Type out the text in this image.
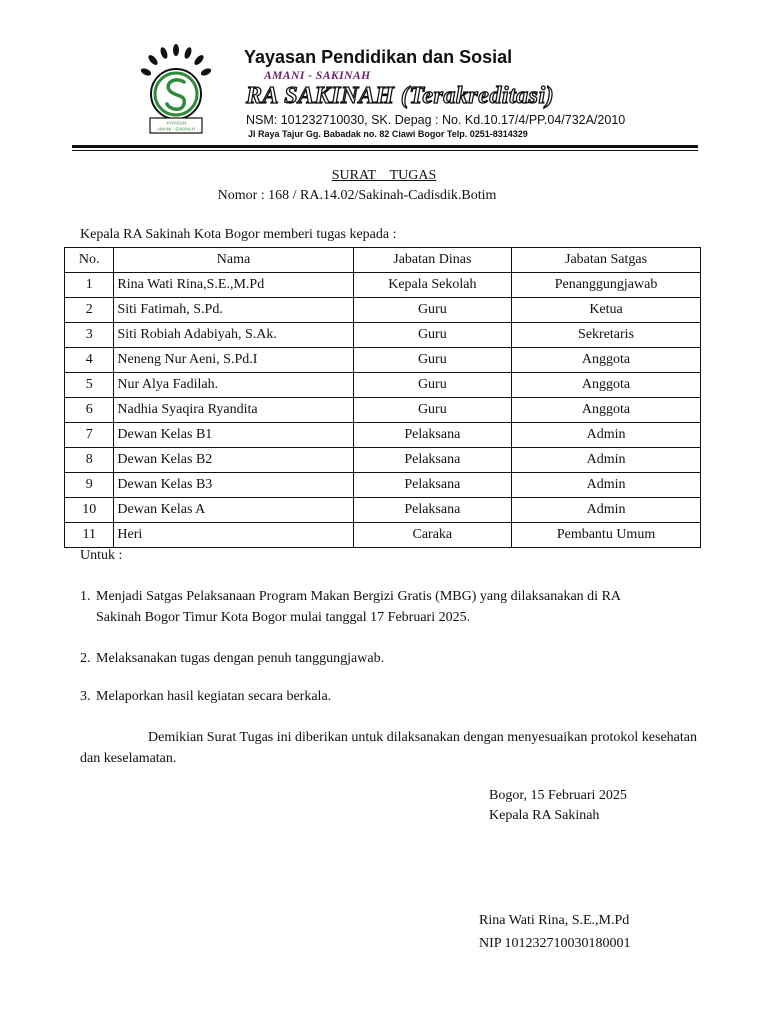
YAYASAN
AMANI - SAKINAH
Yayasan Pendidikan dan Sosial
AMANI - SAKINAH
RA SAKINAH (Terakreditasi)
NSM: 101232710030, SK. Depag : No. Kd.10.17/4/PP.04/732A/2010
Jl Raya Tajur Gg. Babadak no. 82 Ciawi Bogor Telp. 0251-8314329
SURAT    TUGAS
Nomor : 168 / RA.14.02/Sakinah-Cadisdik.Botim
Kepala RA Sakinah Kota Bogor memberi tugas kepada :
No.	Nama	Jabatan Dinas	Jabatan Satgas
1	Rina Wati Rina,S.E.,M.Pd	Kepala Sekolah	Penanggungjawab
2	Siti Fatimah, S.Pd.	Guru	Ketua
3	Siti Robiah Adabiyah, S.Ak.	Guru	Sekretaris
4	Neneng Nur Aeni, S.Pd.I	Guru	Anggota
5	Nur Alya Fadilah.	Guru	Anggota
6	Nadhia Syaqira Ryandita	Guru	Anggota
7	Dewan Kelas B1	Pelaksana	Admin
8	Dewan Kelas B2	Pelaksana	Admin
9	Dewan Kelas B3	Pelaksana	Admin
10	Dewan Kelas A	Pelaksana	Admin
11	Heri	Caraka	Pembantu Umum
Untuk :
1. Menjadi Satgas Pelaksanaan Program Makan Bergizi Gratis (MBG) yang dilaksanakan di RA
Sakinah Bogor Timur Kota Bogor mulai tanggal 17 Februari 2025.
2. Melaksanakan tugas dengan penuh tanggungjawab.
3. Melaporkan hasil kegiatan secara berkala.
Demikian Surat Tugas ini diberikan untuk dilaksanakan dengan menyesuaikan protokol kesehatan dan keselamatan.
Bogor, 15 Februari 2025
Kepala RA Sakinah
Rina Wati Rina, S.E.,M.Pd
NIP 101232710030180001
